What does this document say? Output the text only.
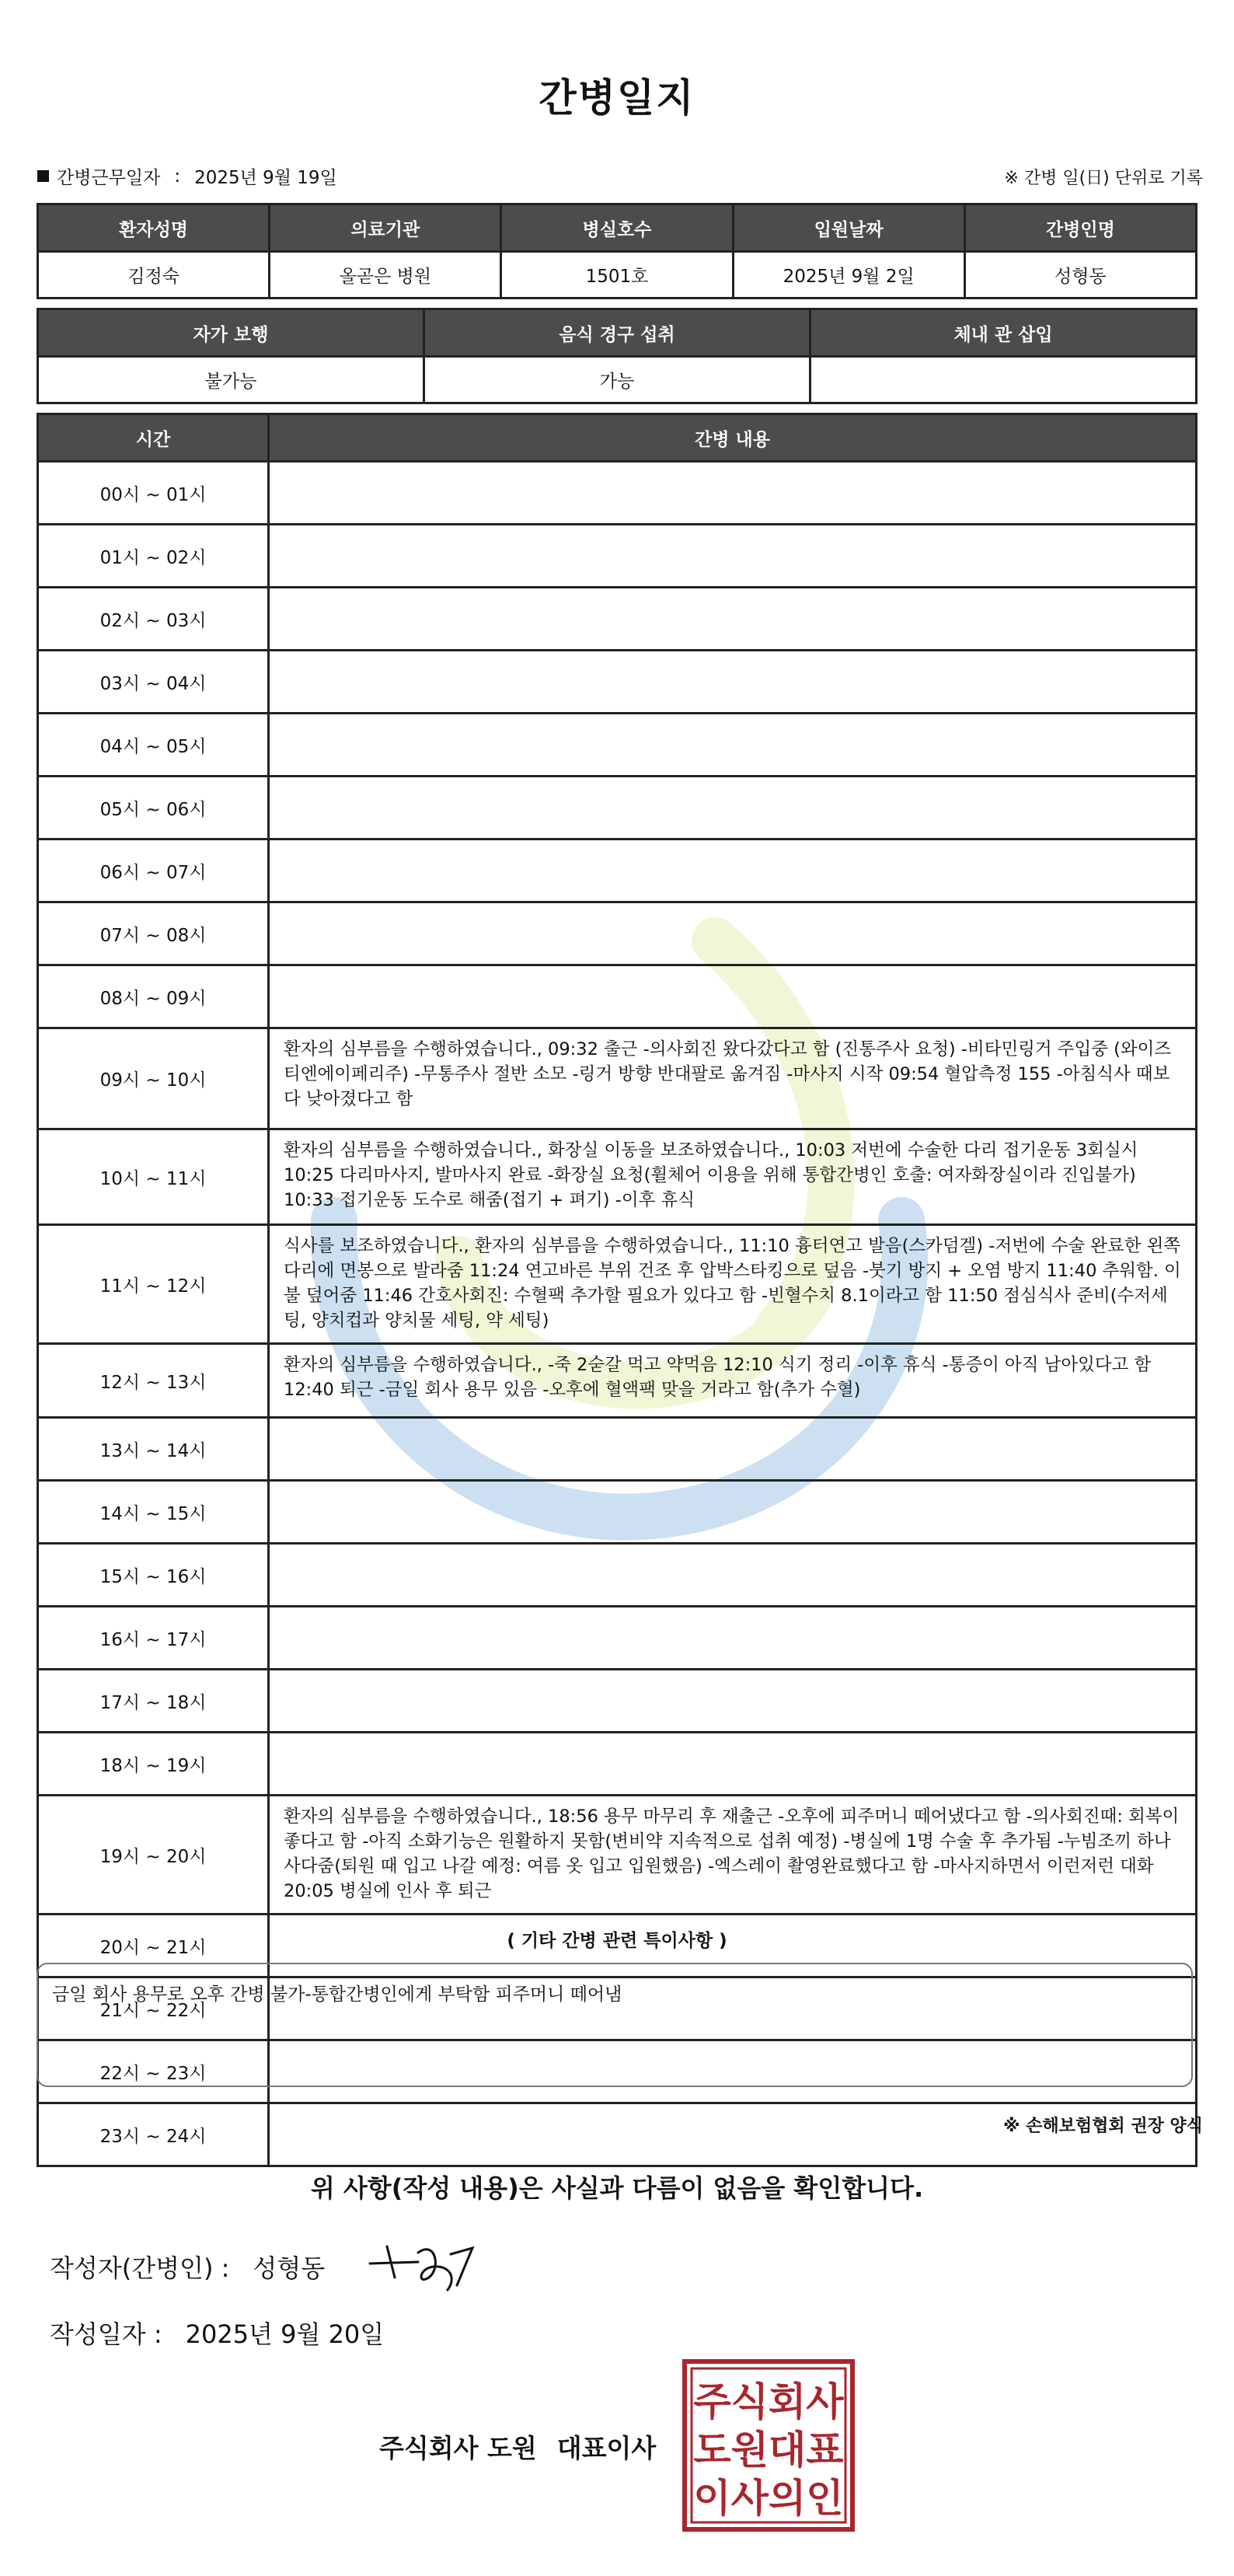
간병일지
간병근무일자 : 2025년 9월 19일	※ 간병 일(日) 단위로 기록
환자성명	의료기관	병실호수	입원날짜	간병인명
김정숙	올곧은 병원	1501호	2025년 9월 2일	성형동
자가 보행	음식 경구 섭취	체내 관 삽입
불가능	가능	
시간	간병 내용
00시 ~ 01시	
01시 ~ 02시	
02시 ~ 03시	
03시 ~ 04시	
04시 ~ 05시	
05시 ~ 06시	
06시 ~ 07시	
07시 ~ 08시	
08시 ~ 09시	
09시 ~ 10시	환자의 심부름을 수행하였습니다., 09:32 출근 -의사회진 왔다갔다고 함 (진통주사 요청) -비타민링거 주입중 (와이즈티엔에이페리주) -무통주사 절반 소모 -링거 방향 반대팔로 옮겨짐 -마사지 시작 09:54 혈압측정 155 -아침식사 때보다 낮아졌다고 함
10시 ~ 11시	환자의 심부름을 수행하였습니다., 화장실 이동을 보조하였습니다., 10:03 저번에 수술한 다리 접기운동 3회실시 10:25 다리마사지, 발마사지 완료 -화장실 요청(휠체어 이용을 위해 통합간병인 호출: 여자화장실이라 진입불가) 10:33 접기운동 도수로 해줌(접기 + 펴기) -이후 휴식
11시 ~ 12시	식사를 보조하였습니다., 환자의 심부름을 수행하였습니다., 11:10 흉터연고 발음(스카덤겔) -저번에 수술 완료한 왼쪽 다리에 면봉으로 발라줌 11:24 연고바른 부위 건조 후 압박스타킹으로 덮음 -붓기 방지 + 오염 방지 11:40 추워함. 이불 덮어줌 11:46 간호사회진: 수혈팩 추가할 필요가 있다고 함 -빈혈수치 8.1이라고 함 11:50 점심식사 준비(수저세팅, 양치컵과 양치물 세팅, 약 세팅)
12시 ~ 13시	환자의 심부름을 수행하였습니다., -죽 2숟갈 먹고 약먹음 12:10 식기 정리 -이후 휴식 -통증이 아직 남아있다고 함 12:40 퇴근 -금일 회사 용무 있음 -오후에 혈액팩 맞을 거라고 함(추가 수혈)
13시 ~ 14시	
14시 ~ 15시	
15시 ~ 16시	
16시 ~ 17시	
17시 ~ 18시	
18시 ~ 19시	
19시 ~ 20시	환자의 심부름을 수행하였습니다., 18:56 용무 마무리 후 재출근 -오후에 피주머니 떼어냈다고 함 -의사회진때: 회복이 좋다고 함 -아직 소화기능은 원활하지 못함(변비약 지속적으로 섭취 예정) -병실에 1명 수술 후 추가됨 -누빔조끼 하나 사다줌(퇴원 때 입고 나갈 예정: 여름 옷 입고 입원했음) -엑스레이 촬영완료했다고 함 -마사지하면서 이런저런 대화 20:05 병실에 인사 후 퇴근
20시 ~ 21시	
21시 ~ 22시	
22시 ~ 23시	
23시 ~ 24시	
( 기타 간병 관련 특이사항 )
금일 회사 용무로 오후 간병 불가-통합간병인에게 부탁함 피주머니 떼어냄
※ 손해보험협회 권장 양식
위 사항(작성 내용)은 사실과 다름이 없음을 확인합니다.
작성자(간병인) : 성형동
작성일자 : 2025년 9월 20일
주식회사 도원 대표이사
주식회사
도원대표
이사의인
